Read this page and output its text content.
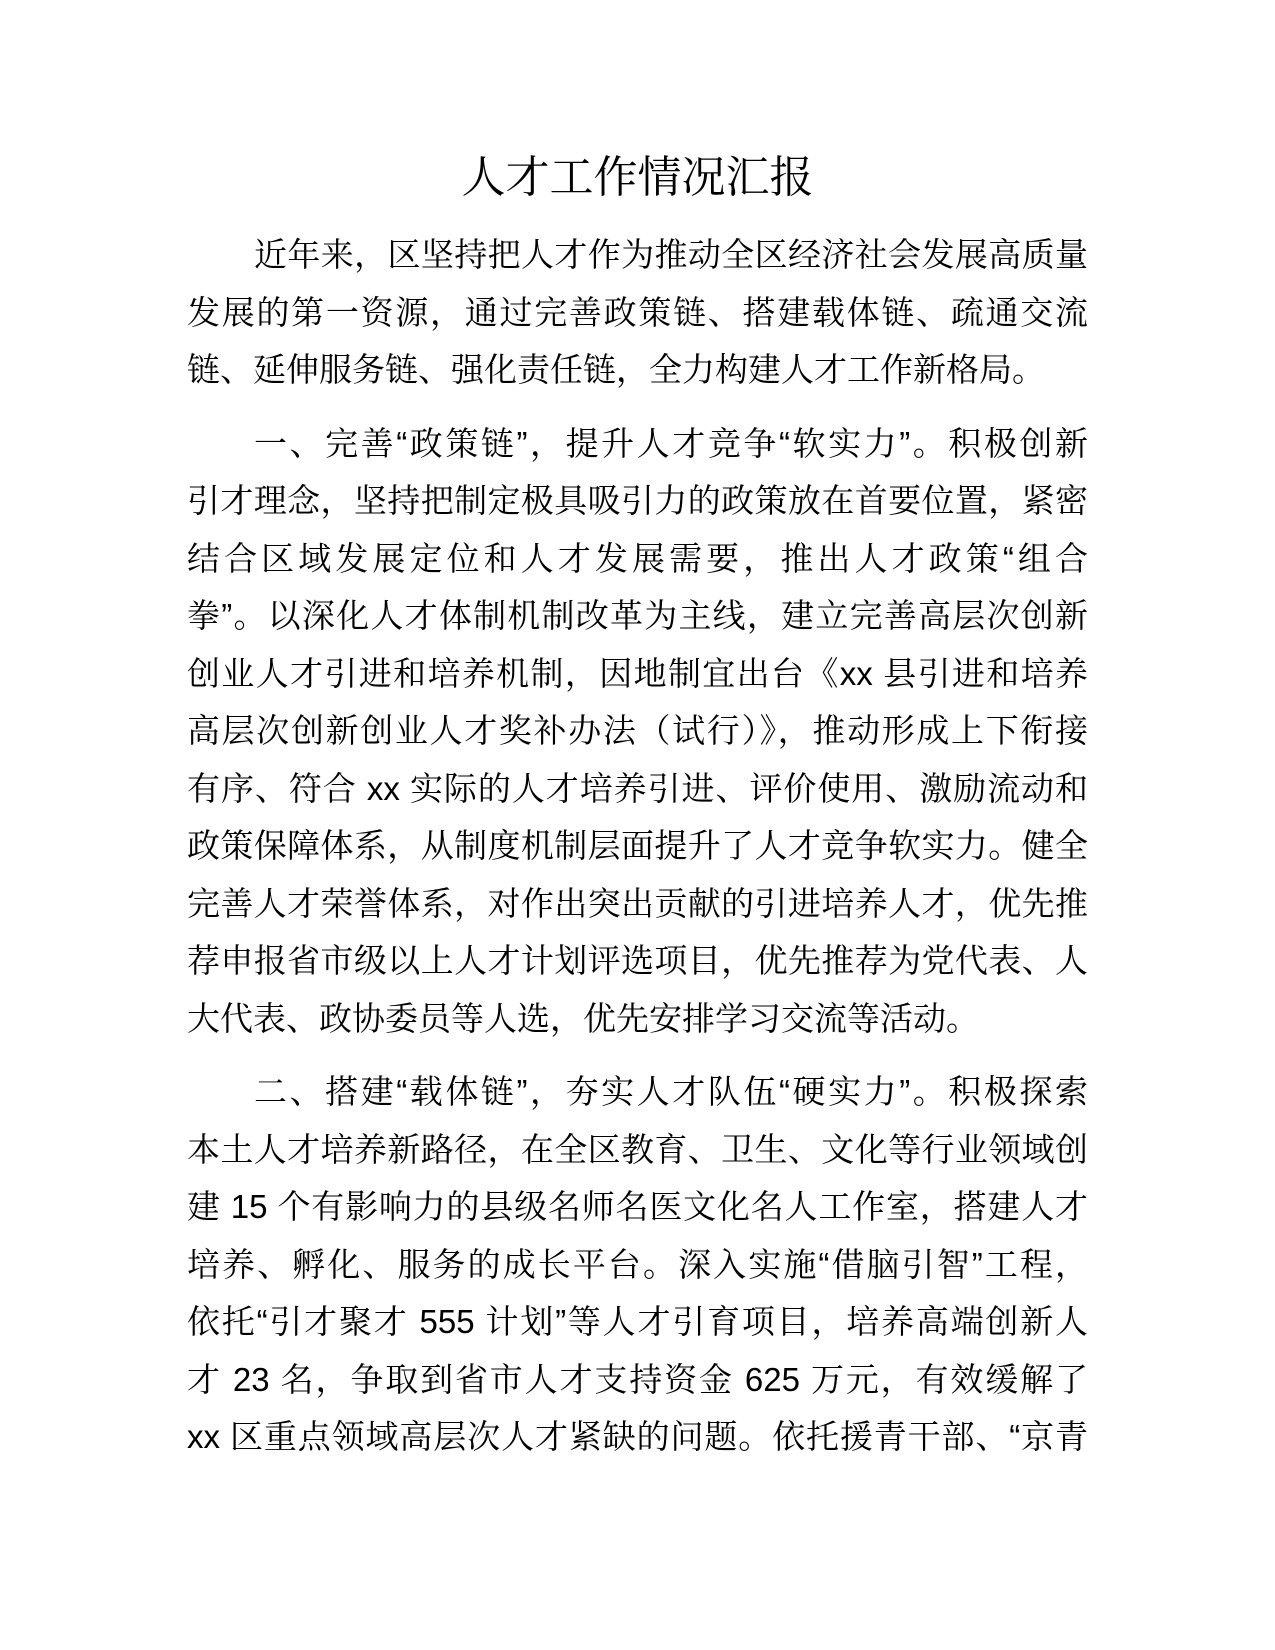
人才工作情况汇报

近年来，区坚持把人才作为推动全区经济社会发展高质量
发展的第一资源，通过完善政策链、搭建载体链、疏通交流
链、延伸服务链、强化责任链，全力构建人才工作新格局。

一、完善“政策链”，提升人才竞争“软实力”。积极创新
引才理念，坚持把制定极具吸引力的政策放在首要位置，紧密
结合区域发展定位和人才发展需要，推出人才政策“组合
拳”。以深化人才体制机制改革为主线，建立完善高层次创新
创业人才引进和培养机制，因地制宜出台《xx 县引进和培养
高层次创新创业人才奖补办法（试行）》，推动形成上下衔接
有序、符合 xx 实际的人才培养引进、评价使用、激励流动和
政策保障体系，从制度机制层面提升了人才竞争软实力。健全
完善人才荣誉体系，对作出突出贡献的引进培养人才，优先推
荐申报省市级以上人才计划评选项目，优先推荐为党代表、人
大代表、政协委员等人选，优先安排学习交流等活动。

二、搭建“载体链”，夯实人才队伍“硬实力”。积极探索
本土人才培养新路径，在全区教育、卫生、文化等行业领域创
建 15 个有影响力的县级名师名医文化名人工作室，搭建人才
培养、孵化、服务的成长平台。深入实施“借脑引智”工程，
依托“引才聚才 555 计划”等人才引育项目，培养高端创新人
才 23 名，争取到省市人才支持资金 625 万元，有效缓解了
xx 区重点领域高层次人才紧缺的问题。依托援青干部、“京青
